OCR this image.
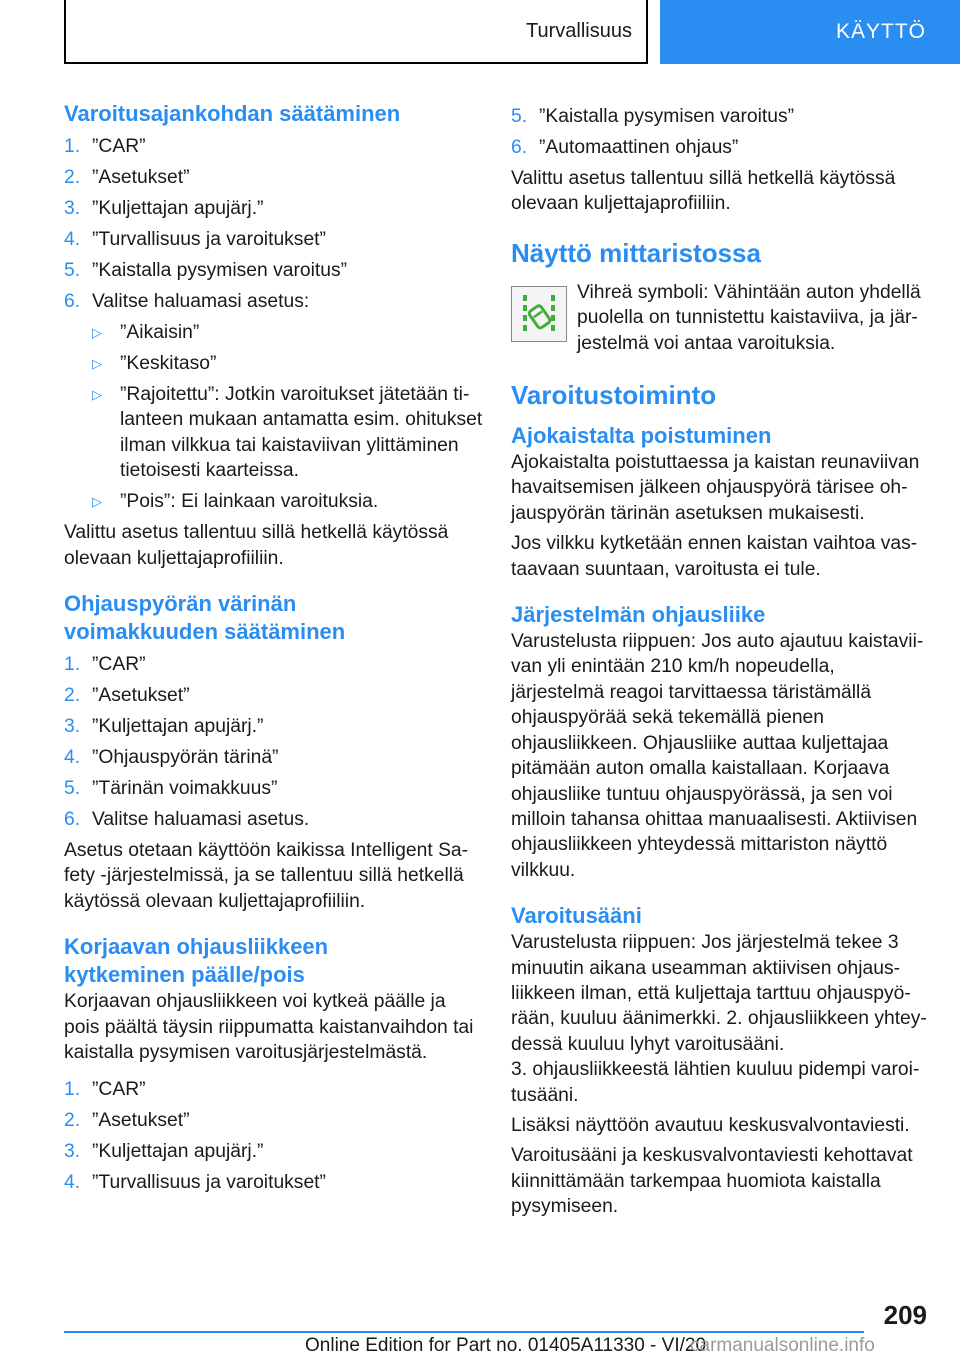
Turvallisuus	KÄYTTÖ
Varoitusajankohdan säätäminen
1. ”CAR”
2. ”Asetukset”
3. ”Kuljettajan apujärj.”
4. ”Turvallisuus ja varoitukset”
5. ”Kaistalla pysymisen varoitus”
6. Valitse haluamasi asetus:
▷ ”Aikaisin”
▷ ”Keskitaso”
▷ ”Rajoitettu”: Jotkin varoitukset jätetään tilanteen mukaan antamatta esim. ohitukset ilman vilkkua tai kaistaviivan ylittäminen tietoisesti kaarteissa.
▷ ”Pois”: Ei lainkaan varoituksia.

Valittu asetus tallentuu sillä hetkellä käytössä olevaan kuljettajaprofiiliin.

Ohjauspyörän värinän
voimakkuuden säätäminen
1. ”CAR”
2. ”Asetukset”
3. ”Kuljettajan apujärj.”
4. ”Ohjauspyörän tärinä”
5. ”Tärinän voimakkuus”
6. Valitse haluamasi asetus.

Asetus otetaan käyttöön kaikissa Intelligent Safety -järjestelmissä, ja se tallentuu sillä hetkellä käytössä olevaan kuljettajaprofiiliin.

Korjaavan ohjausliikkeen
kytkeminen päälle/pois

Korjaavan ohjausliikkeen voi kytkeä päälle ja pois päältä täysin riippumatta kaistanvaihdon tai kaistalla pysymisen varoitusjärjestelmästä.

1. ”CAR”
2. ”Asetukset”
3. ”Kuljettajan apujärj.”
4. ”Turvallisuus ja varoitukset”
5. ”Kaistalla pysymisen varoitus”
6. ”Automaattinen ohjaus”

Valittu asetus tallentuu sillä hetkellä käytössä olevaan kuljettajaprofiiliin.

Näyttö mittaristossa

Vihreä symboli: Vähintään auton yhdellä puolella on tunnistettu kaistaviiva, ja järjestelmä voi antaa varoituksia.

Varoitustoiminto
Ajokaistalta poistuminen

Ajokaistalta poistuttaessa ja kaistan reunaviivan havaitsemisen jälkeen ohjauspyörä tärisee ohjauspyörän tärinän asetuksen mukaisesti.

Jos vilkku kytketään ennen kaistan vaihtoa vastaavaan suuntaan, varoitusta ei tule.

Järjestelmän ohjausliike

Varustelusta riippuen: Jos auto ajautuu kaistaviivan yli enintään 210 km/h nopeudella, järjestelmä reagoi tarvittaessa täristämällä ohjauspyörää sekä tekemällä pienen ohjausliikkeen. Ohjausliike auttaa kuljettajaa pitämään auton omalla kaistallaan. Korjaava ohjausliike tuntuu ohjauspyörässä, ja sen voi milloin tahansa ohittaa manuaalisesti. Aktiivisen ohjausliikkeen yhteydessä mittariston näyttö vilkkuu.

Varoitusääni

Varustelusta riippuen: Jos järjestelmä tekee 3 minuutin aikana useamman aktiivisen ohjausliikkeen ilman, että kuljettaja tarttuu ohjauspyörään, kuuluu äänimerkki. 2. ohjausliikkeen yhteydessä kuuluu lyhyt varoitusääni.

3. ohjausliikkeestä lähtien kuuluu pidempi varoitusääni.

Lisäksi näyttöön avautuu keskusvalvontaviesti.

Varoitusääni ja keskusvalvontaviesti kehottavat kiinnittämään tarkempaa huomiota kaistalla pysymiseen.

209
Online Edition for Part no. 01405A11330 - VI/20
carmanualsonline.info
